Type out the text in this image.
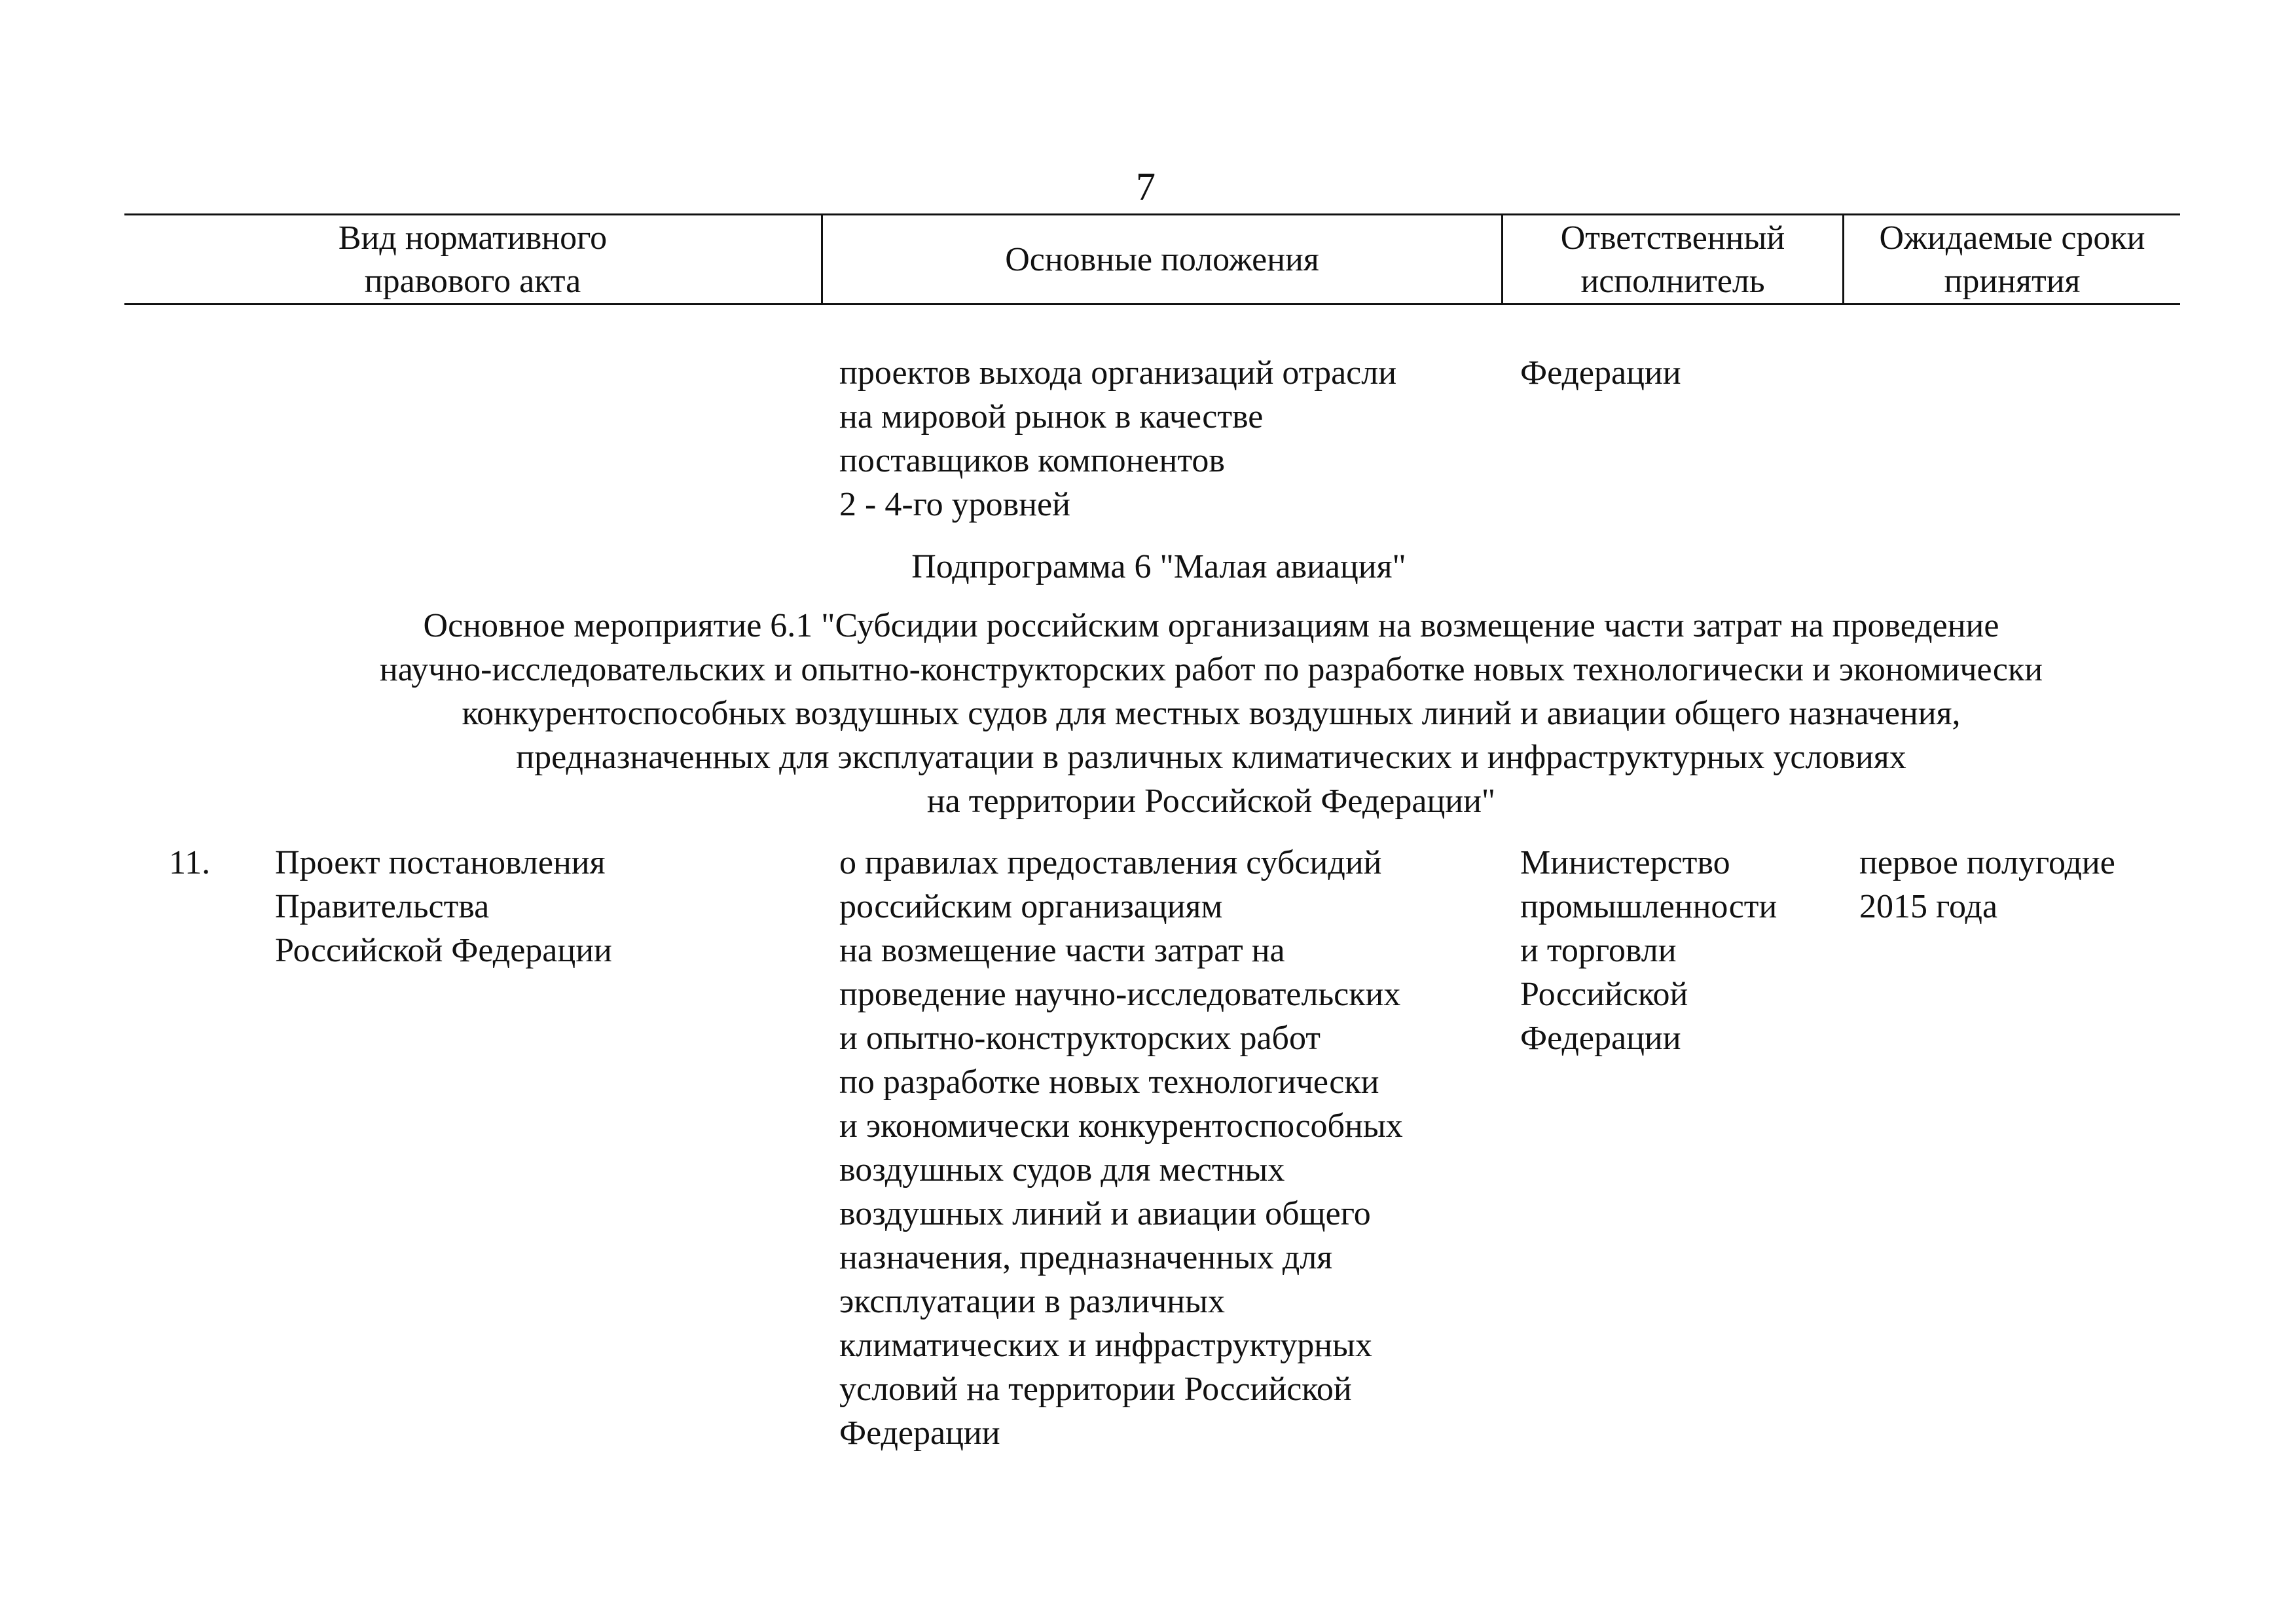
7
Вид нормативного
правового акта
Основные положения
Ответственный
исполнитель
Ожидаемые сроки
принятия
проектов выхода организаций отрасли
на мировой рынок в качестве
поставщиков компонентов
2 - 4-го уровней
Федерации
Подпрограмма 6 "Малая авиация"
Основное мероприятие 6.1 "Субсидии российским организациям на возмещение части затрат на проведение
научно-исследовательских и опытно-конструкторских работ по разработке новых технологически и экономически
конкурентоспособных воздушных судов для местных воздушных линий и авиации общего назначения,
предназначенных для эксплуатации в различных климатических и инфраструктурных условиях
на территории Российской Федерации"
11.	Проект постановления
Правительства
Российской Федерации
о правилах предоставления субсидий
российским организациям
на возмещение части затрат на
проведение научно-исследовательских
и опытно-конструкторских работ
по разработке новых технологически
и экономически конкурентоспособных
воздушных судов для местных
воздушных линий и авиации общего
назначения, предназначенных для
эксплуатации в различных
климатических и инфраструктурных
условий на территории Российской
Федерации
Министерство
промышленности
и торговли
Российской
Федерации
первое полугодие
2015 года
